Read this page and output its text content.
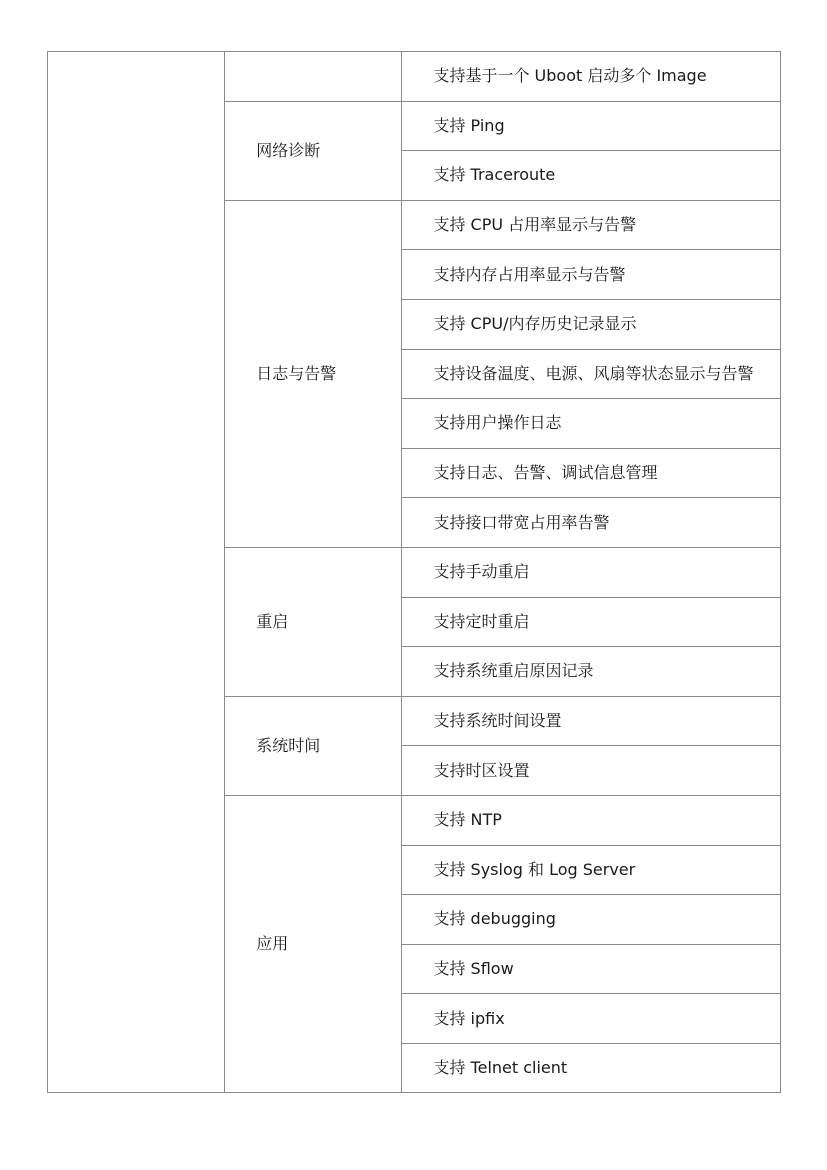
		支持基于一个 Uboot 启动多个 Image
	网络诊断	支持 Ping
		支持 Traceroute
	日志与告警	支持 CPU 占用率显示与告警
		支持内存占用率显示与告警
		支持 CPU/内存历史记录显示
		支持设备温度、电源、风扇等状态显示与告警
		支持用户操作日志
		支持日志、告警、调试信息管理
		支持接口带宽占用率告警
	重启	支持手动重启
		支持定时重启
		支持系统重启原因记录
	系统时间	支持系统时间设置
		支持时区设置
	应用	支持 NTP
		支持 Syslog 和 Log Server
		支持 debugging
		支持 Sflow
		支持 ipfix
		支持 Telnet client
